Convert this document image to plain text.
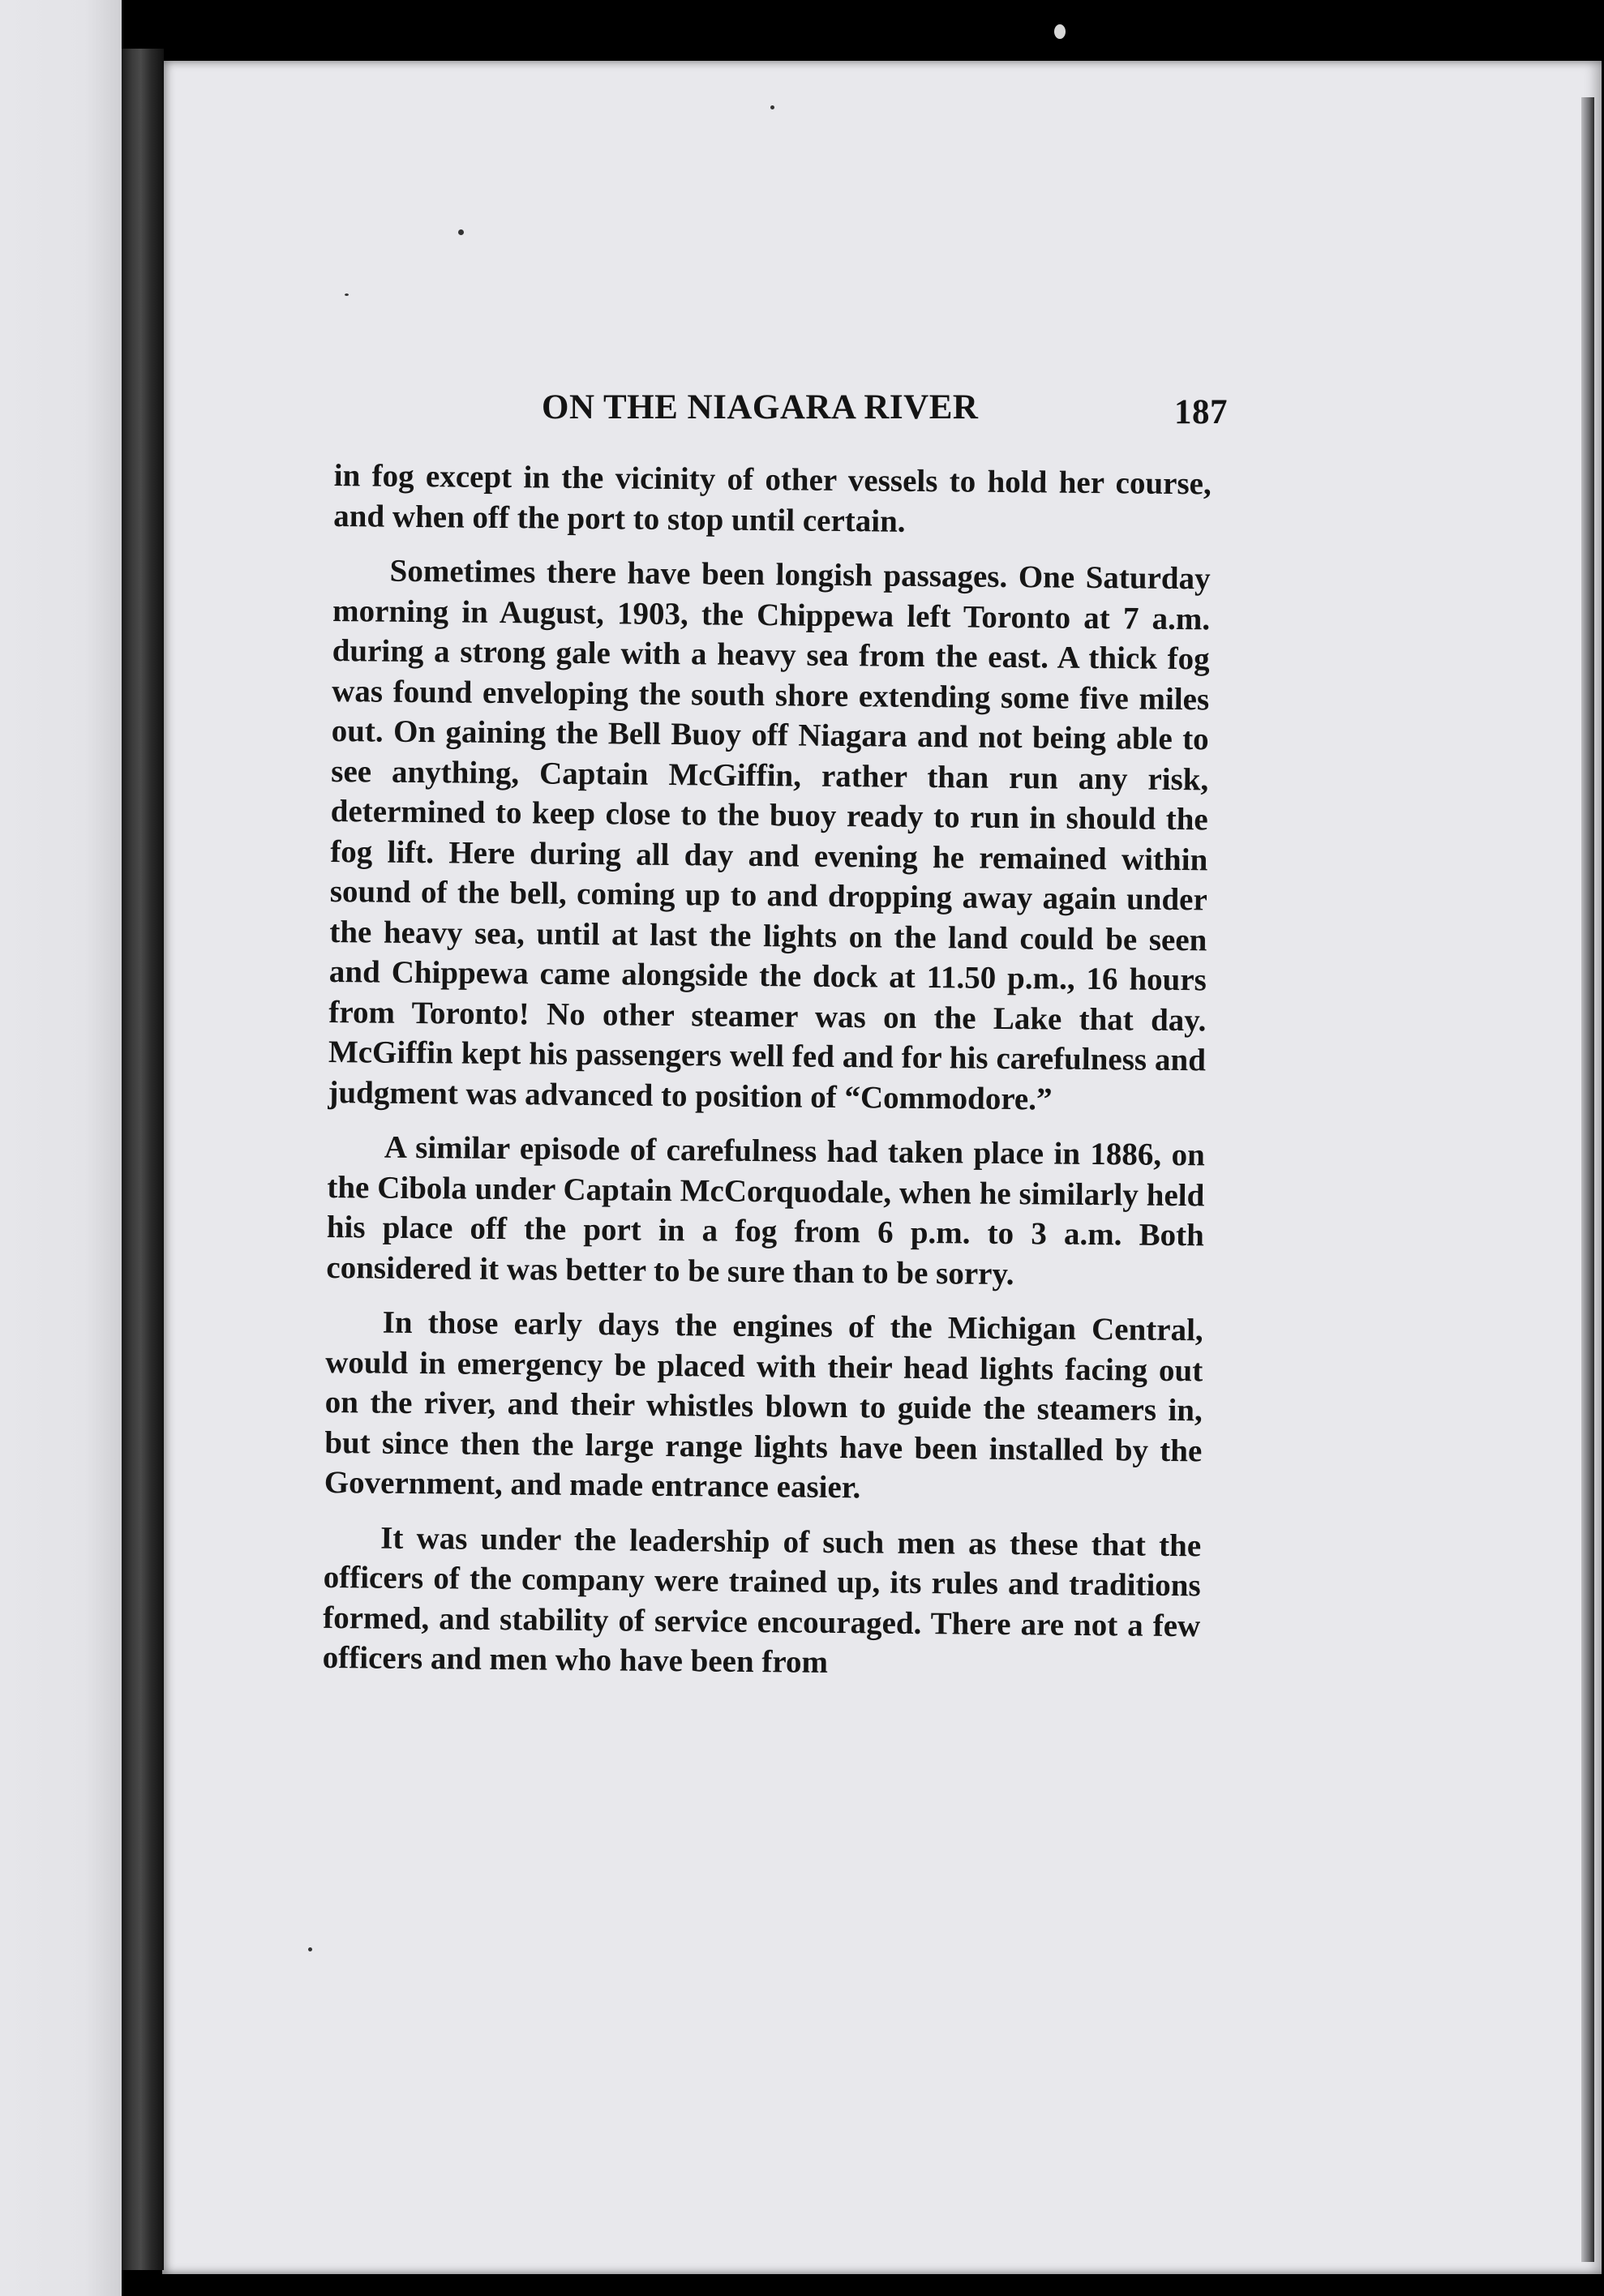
ON THE NIAGARA RIVER	187

in fog except in the vicinity of other vessels to hold her course, and when off the port to stop until certain.

Sometimes there have been longish passages. One Saturday morning in August, 1903, the Chippewa left Toronto at 7 a.m. during a strong gale with a heavy sea from the east. A thick fog was found enveloping the south shore extending some five miles out. On gaining the Bell Buoy off Niagara and not being able to see anything, Captain McGiffin, rather than run any risk, determined to keep close to the buoy ready to run in should the fog lift. Here during all day and evening he remained within sound of the bell, coming up to and dropping away again under the heavy sea, until at last the lights on the land could be seen and Chippewa came alongside the dock at 11.50 p.m., 16 hours from Toronto! No other steamer was on the Lake that day. McGiffin kept his passengers well fed and for his carefulness and judgment was advanced to position of “Commodore.”

A similar episode of carefulness had taken place in 1886, on the Cibola under Captain McCorquodale, when he similarly held his place off the port in a fog from 6 p.m. to 3 a.m. Both considered it was better to be sure than to be sorry.

In those early days the engines of the Michigan Central, would in emergency be placed with their head lights facing out on the river, and their whistles blown to guide the steamers in, but since then the large range lights have been installed by the Government, and made entrance easier.

It was under the leadership of such men as these that the officers of the company were trained up, its rules and traditions formed, and stability of service encouraged. There are not a few officers and men who have been from
